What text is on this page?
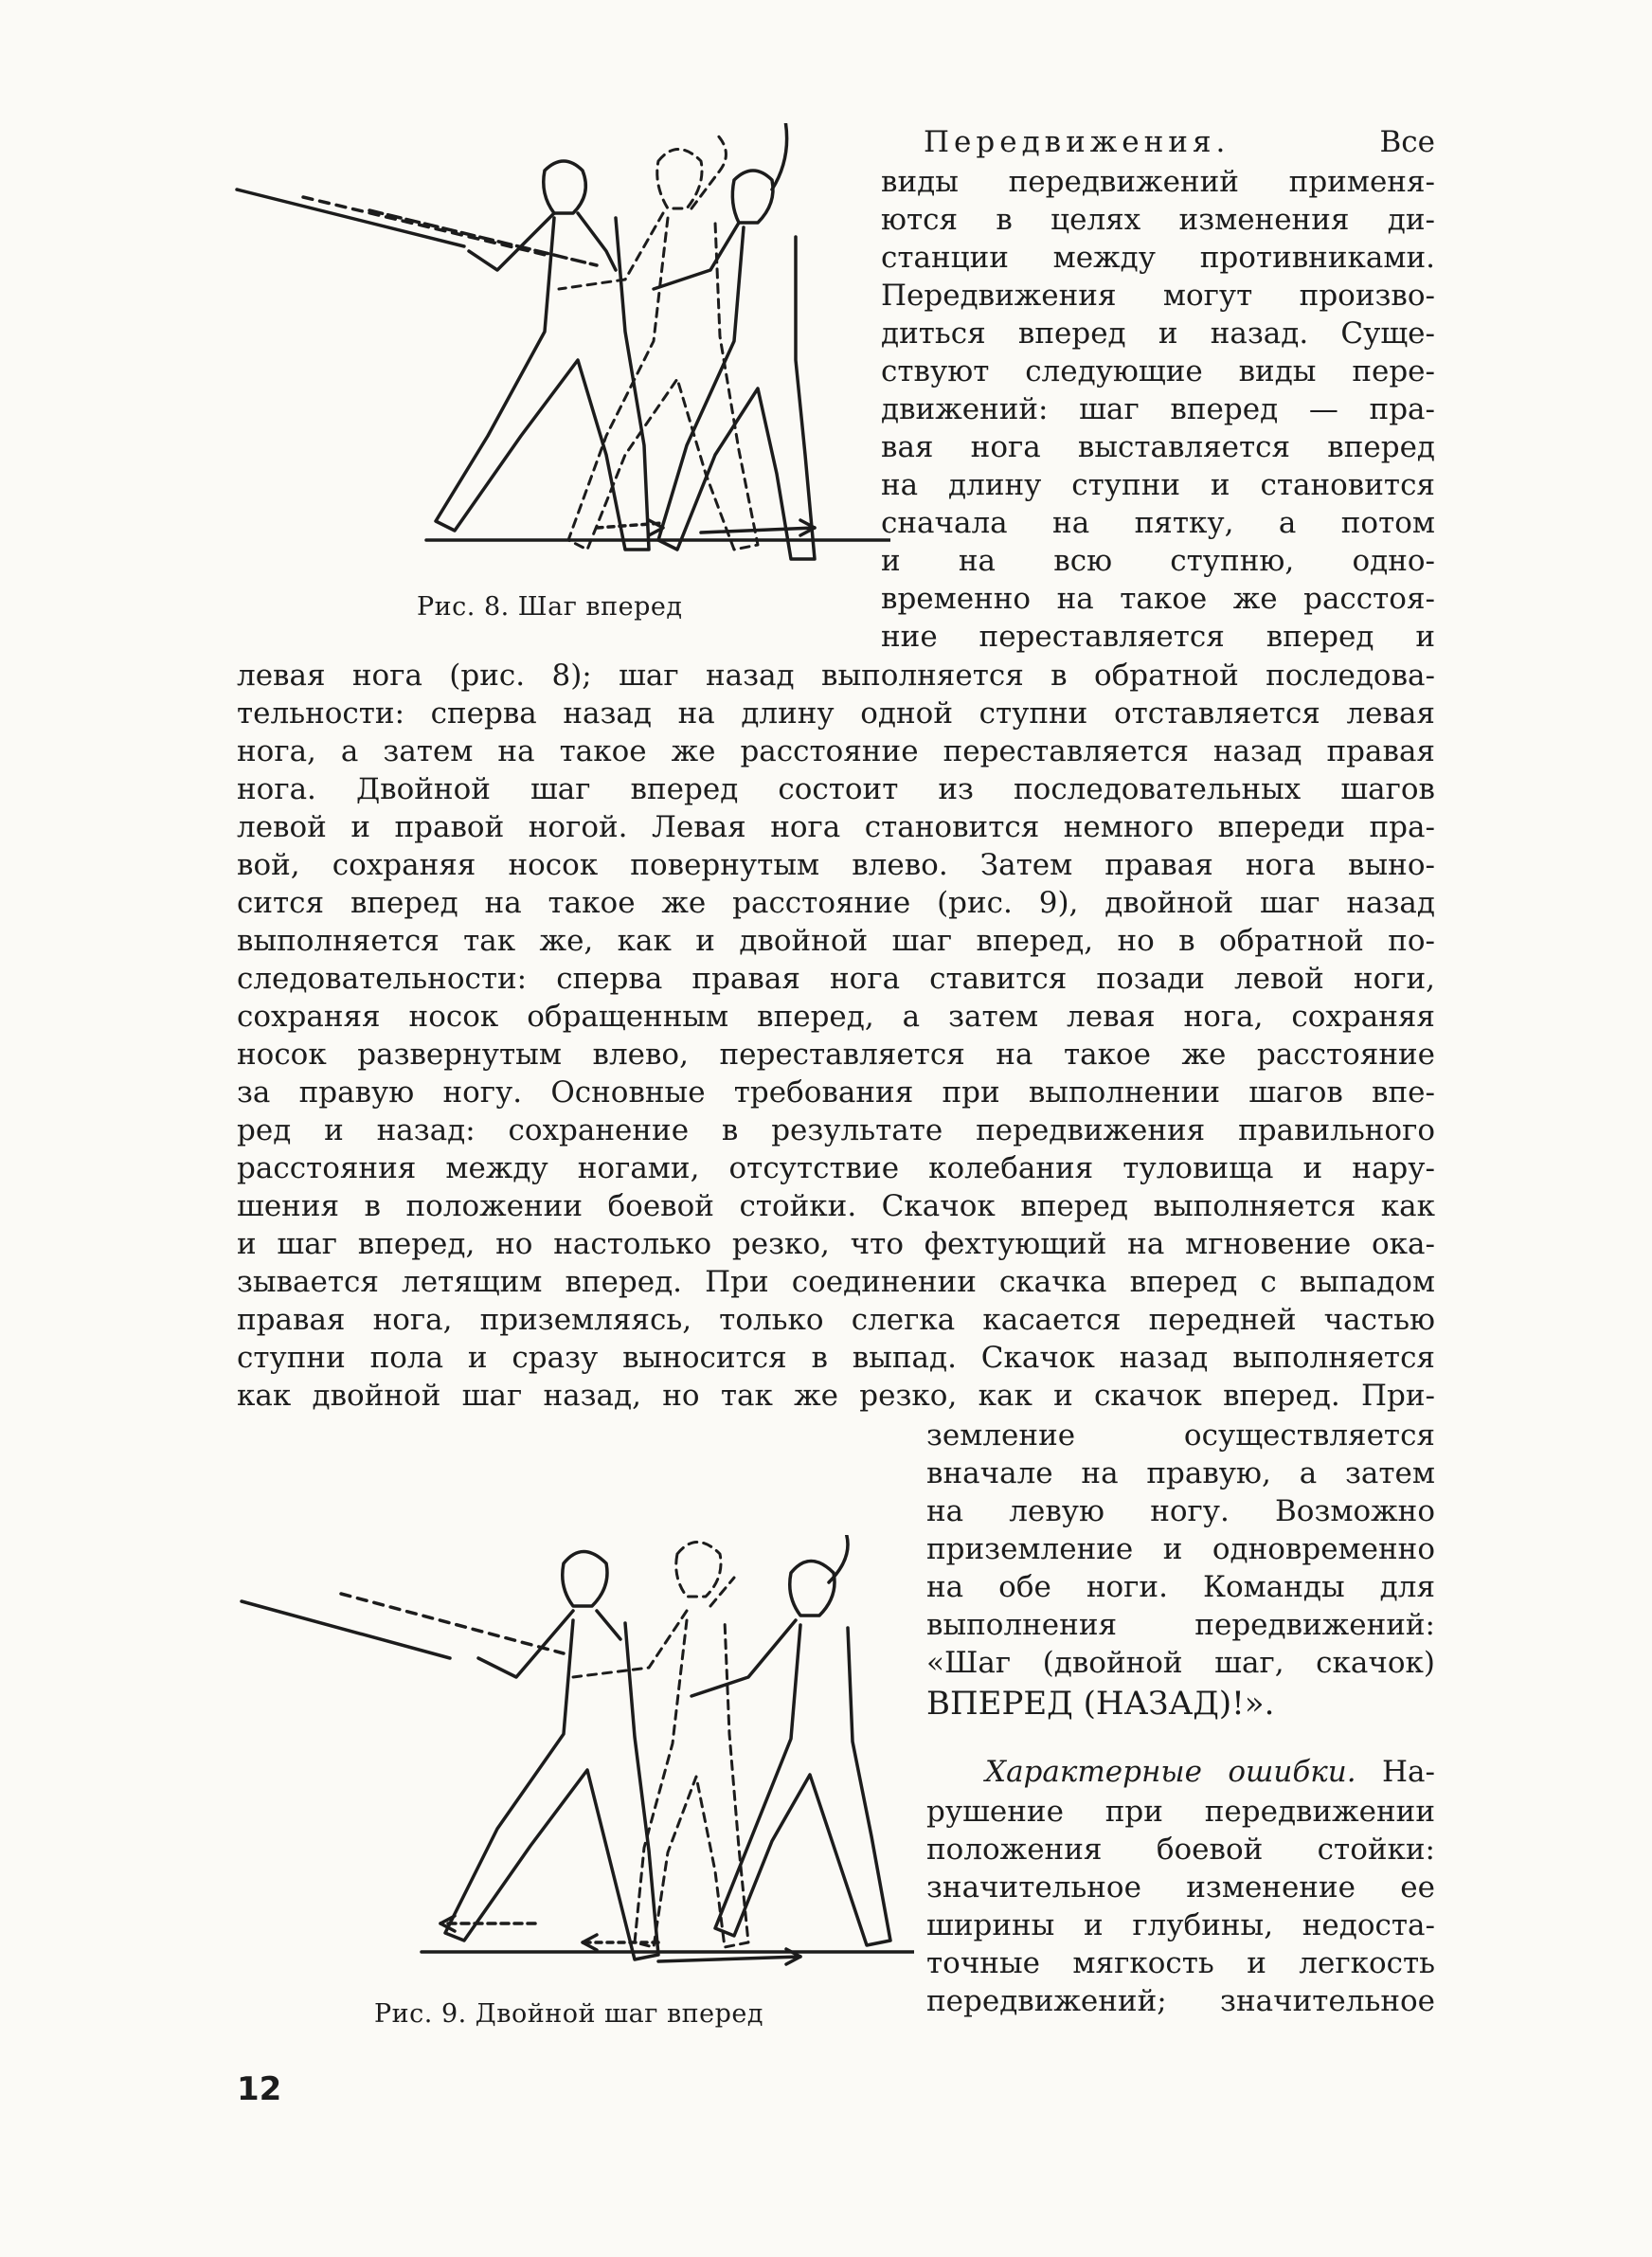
Рис. 8. Шаг вперед
Передвижения.	Все
виды передвижений применя-
ются в целях изменения ди-
станции между противниками.
Передвижения могут произво-
диться вперед и назад. Суще-
ствуют следующие виды пере-
движений: шаг вперед — пра-
вая нога выставляется вперед
на длину ступни и становится
сначала на пятку, а потом
и на всю ступню, одно-
временно на такое же расстоя-
ние переставляется вперед и
левая нога (рис. 8); шаг назад выполняется в обратной последова-
тельности: сперва назад на длину одной ступни отставляется левая
нога, а затем на такое же расстояние переставляется назад правая
нога. Двойной шаг вперед состоит из последовательных шагов
левой и правой ногой. Левая нога становится немного впереди пра-
вой, сохраняя носок повернутым влево. Затем правая нога выно-
сится вперед на такое же расстояние (рис. 9), двойной шаг назад
выполняется так же, как и двойной шаг вперед, но в обратной по-
следовательности: сперва правая нога ставится позади левой ноги,
сохраняя носок обращенным вперед, а затем левая нога, сохраняя
носок развернутым влево, переставляется на такое же расстояние
за правую ногу. Основные требования при выполнении шагов впе-
ред и назад: сохранение в результате передвижения правильного
расстояния между ногами, отсутствие колебания туловища и нару-
шения в положении боевой стойки. Скачок вперед выполняется как
и шаг вперед, но настолько резко, что фехтующий на мгновение ока-
зывается летящим вперед. При соединении скачка вперед с выпадом
правая нога, приземляясь, только слегка касается передней частью
ступни пола и сразу выносится в выпад. Скачок назад выполняется
как двойной шаг назад, но так же резко, как и скачок вперед. При-
Рис. 9. Двойной шаг вперед
земление осуществляется
вначале на правую, а затем
на левую ногу. Возможно
приземление и одновременно
на обе ноги. Команды для
выполнения передвижений:
«Шаг (двойной шаг, скачок)
ВПЕРЕД (НАЗАД)!».
Характерные ошибки. На-
рушение при передвижении
положения боевой стойки:
значительное изменение ее
ширины и глубины, недоста-
точные мягкость и легкость
передвижений; значительное
12
